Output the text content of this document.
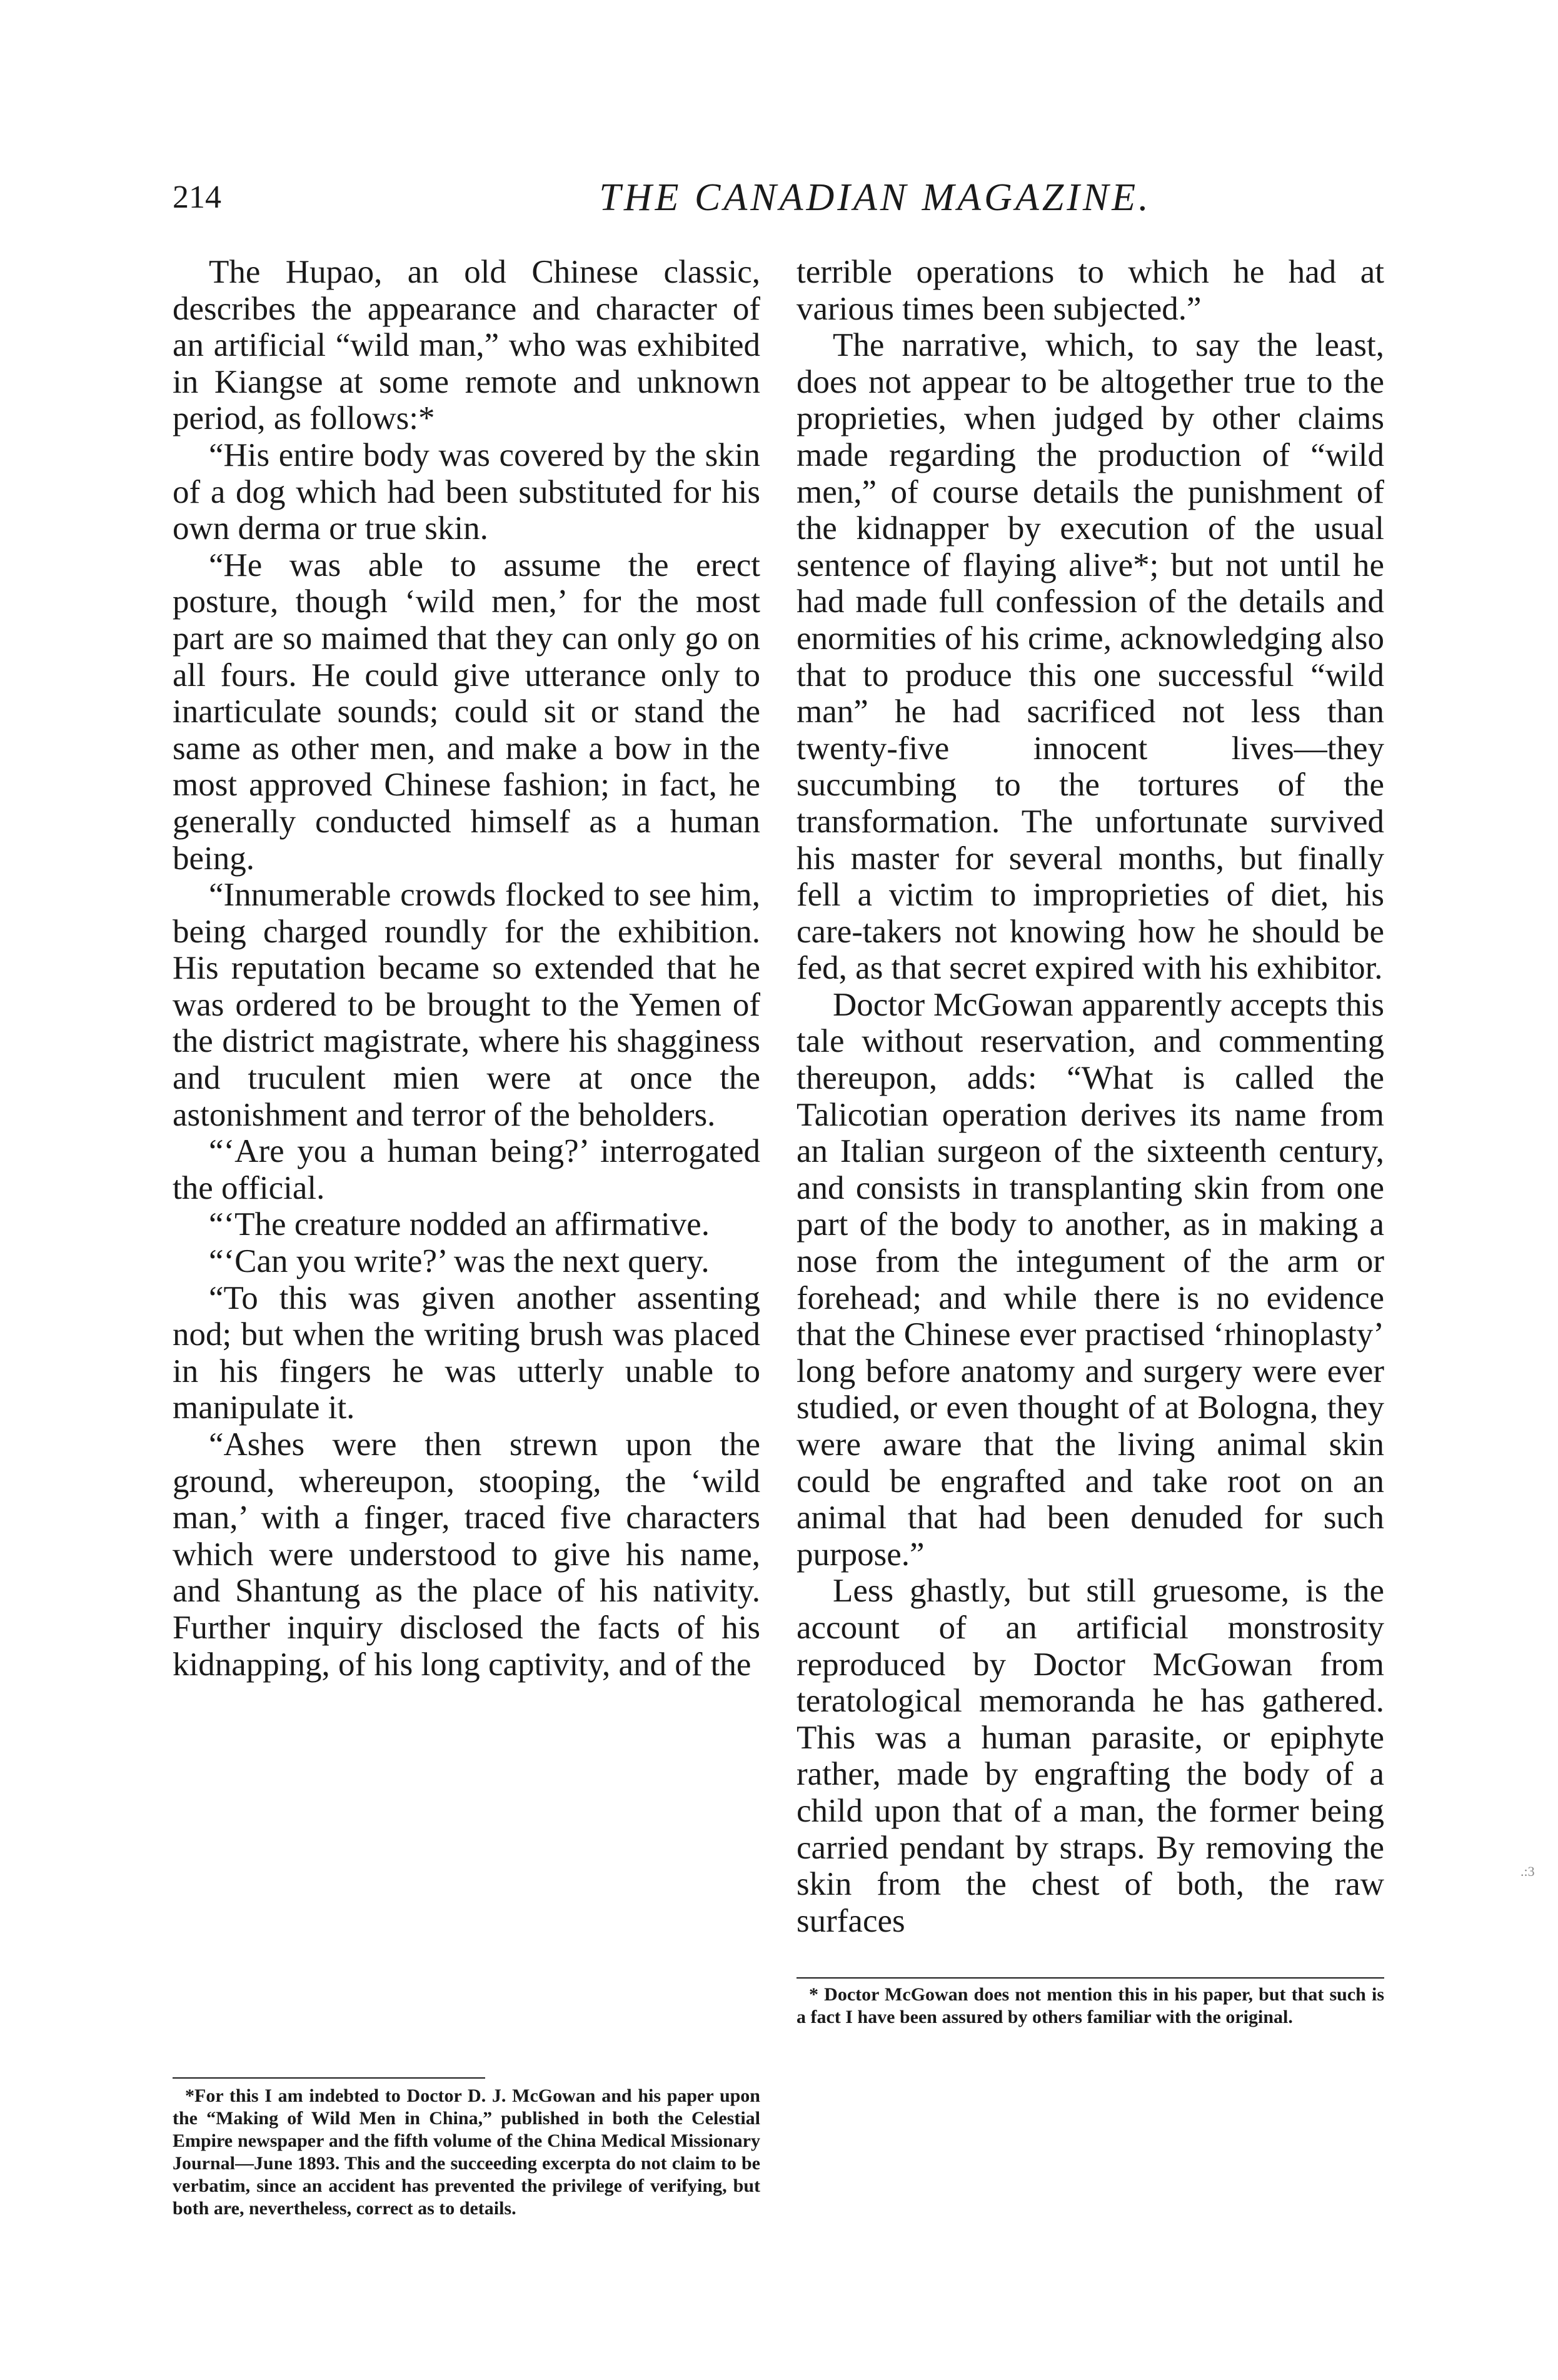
214	THE CANADIAN MAGAZINE.

The Hupao, an old Chinese classic, describes the appearance and character of an artificial “wild man,” who was exhibited in Kiangse at some remote and unknown period, as follows:*

“His entire body was covered by the skin of a dog which had been substituted for his own derma or true skin.

“He was able to assume the erect posture, though ‘wild men,’ for the most part are so maimed that they can only go on all fours. He could give utterance only to inarticulate sounds; could sit or stand the same as other men, and make a bow in the most approved Chinese fashion; in fact, he generally conducted himself as a human being.

“Innumerable crowds flocked to see him, being charged roundly for the exhibition. His reputation became so extended that he was ordered to be brought to the Yemen of the district magistrate, where his shagginess and truculent mien were at once the astonishment and terror of the beholders.

“‘Are you a human being?’ interrogated the official.

“‘The creature nodded an affirmative.

“‘Can you write?’ was the next query.

“To this was given another assenting nod; but when the writing brush was placed in his fingers he was utterly unable to manipulate it.

“Ashes were then strewn upon the ground, whereupon, stooping, the ‘wild man,’ with a finger, traced five characters which were understood to give his name, and Shantung as the place of his nativity. Further inquiry disclosed the facts of his kidnapping, of his long captivity, and of the

terrible operations to which he had at various times been subjected.”

The narrative, which, to say the least, does not appear to be altogether true to the proprieties, when judged by other claims made regarding the production of “wild men,” of course details the punishment of the kidnapper by execution of the usual sentence of flaying alive*; but not until he had made full confession of the details and enormities of his crime, acknowledging also that to produce this one successful “wild man” he had sacrificed not less than twenty-five innocent lives—they succumbing to the tortures of the transformation. The unfortunate survived his master for several months, but finally fell a victim to improprieties of diet, his care-takers not knowing how he should be fed, as that secret expired with his exhibitor.

Doctor McGowan apparently accepts this tale without reservation, and commenting thereupon, adds: “What is called the Talicotian operation derives its name from an Italian surgeon of the sixteenth century, and consists in transplanting skin from one part of the body to another, as in making a nose from the integument of the arm or forehead; and while there is no evidence that the Chinese ever practised ‘rhinoplasty’ long before anatomy and surgery were ever studied, or even thought of at Bologna, they were aware that the living animal skin could be engrafted and take root on an animal that had been denuded for such purpose.”

Less ghastly, but still gruesome, is the account of an artificial monstrosity reproduced by Doctor McGowan from teratological memoranda he has gathered. This was a human parasite, or epiphyte rather, made by engrafting the body of a child upon that of a man, the former being carried pendant by straps. By removing the skin from the chest of both, the raw surfaces

*For this I am indebted to Doctor D. J. McGowan and his paper upon the “Making of Wild Men in China,” published in both the Celestial Empire newspaper and the fifth volume of the China Medical Missionary Journal—June 1893. This and the succeeding excerpta do not claim to be verbatim, since an accident has prevented the privilege of verifying, but both are, nevertheless, correct as to details.

* Doctor McGowan does not mention this in his paper, but that such is a fact I have been assured by others familiar with the original.

.:3
